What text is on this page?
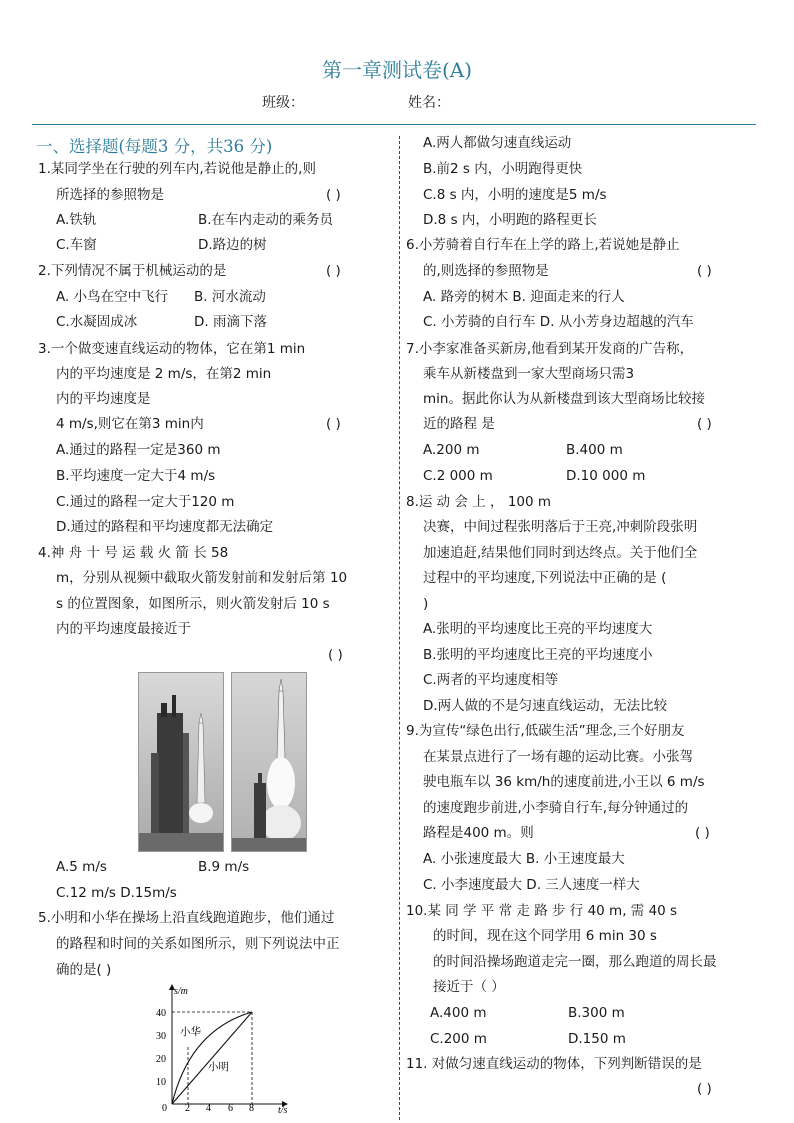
第一章测试卷(A)
班级：	姓名：
一、选择题(每题3 分，共36 分)
1.某同学坐在行驶的列车内,若说他是静止的,则
所选择的参照物是	( )
A.铁轨	B.在车内走动的乘务员
C.车窗	D.路边的树
2.下列情况不属于机械运动的是	( )
A. 小鸟在空中飞行 B. 河水流动
C.水凝固成冰	D. 雨滴下落
3.一个做变速直线运动的物体，它在第1 min
内的平均速度是 2 m/s，在第2 min
内的平均速度是
4 m/s,则它在第3 min内	( )
A.通过的路程一定是360 m
B.平均速度一定大于4 m/s
C.通过的路程一定大于120 m
D.通过的路程和平均速度都无法确定
4.神 舟 十 号 运 载 火 箭 长 58
m，分别从视频中截取火箭发射前和发射后第 10
s 的位置图象，如图所示，则火箭发射后 10 s
内的平均速度最接近于
( )
A.5 m/s	B.9 m/s
C.12 m/s D.15m/s
5.小明和小华在操场上沿直线跑道跑步，他们通过
的路程和时间的关系如图所示，则下列说法中正
确的是( )
40
30
20
10
0 2 4 6 8
s/m
t/s
小华
小明
A.两人都做匀速直线运动
B.前2 s 内，小明跑得更快
C.8 s 内，小明的速度是5 m/s
D.8 s 内，小明跑的路程更长
6.小芳骑着自行车在上学的路上,若说她是静止
的,则选择的参照物是	( )
A. 路旁的树木 B. 迎面走来的行人
C. 小芳骑的自行车 D. 从小芳身边超越的汽车
7.小李家准备买新房,他看到某开发商的广告称，
乘车从新楼盘到一家大型商场只需3
min。据此你认为从新楼盘到该大型商场比较接
近的路程 是	( )
A.200 m	B.400 m
C.2 000 m	D.10 000 m
8.运 动 会 上 ， 100 m
决赛，中间过程张明落后于王亮,冲刺阶段张明
加速追赶,结果他们同时到达终点。关于他们全
过程中的平均速度,下列说法中正确的是 (
)
A.张明的平均速度比王亮的平均速度大
B.张明的平均速度比王亮的平均速度小
C.两者的平均速度相等
D.两人做的不是匀速直线运动，无法比较
9.为宣传“绿色出行,低碳生活”理念,三个好朋友
在某景点进行了一场有趣的运动比赛。小张驾
驶电瓶车以 36 km/h的速度前进,小王以 6 m/s
的速度跑步前进,小李骑自行车,每分钟通过的
路程是400 m。则	( )
A. 小张速度最大 B. 小王速度最大
C. 小李速度最大 D. 三人速度一样大
10.某 同 学 平 常 走 路 步 行 40 m, 需 40 s
的时间，现在这个同学用 6 min 30 s
的时间沿操场跑道走完一圈，那么跑道的周长最
接近于（ ）
A.400 m	B.300 m
C.200 m	D.150 m
11. 对做匀速直线运动的物体，下列判断错误的是
( )
